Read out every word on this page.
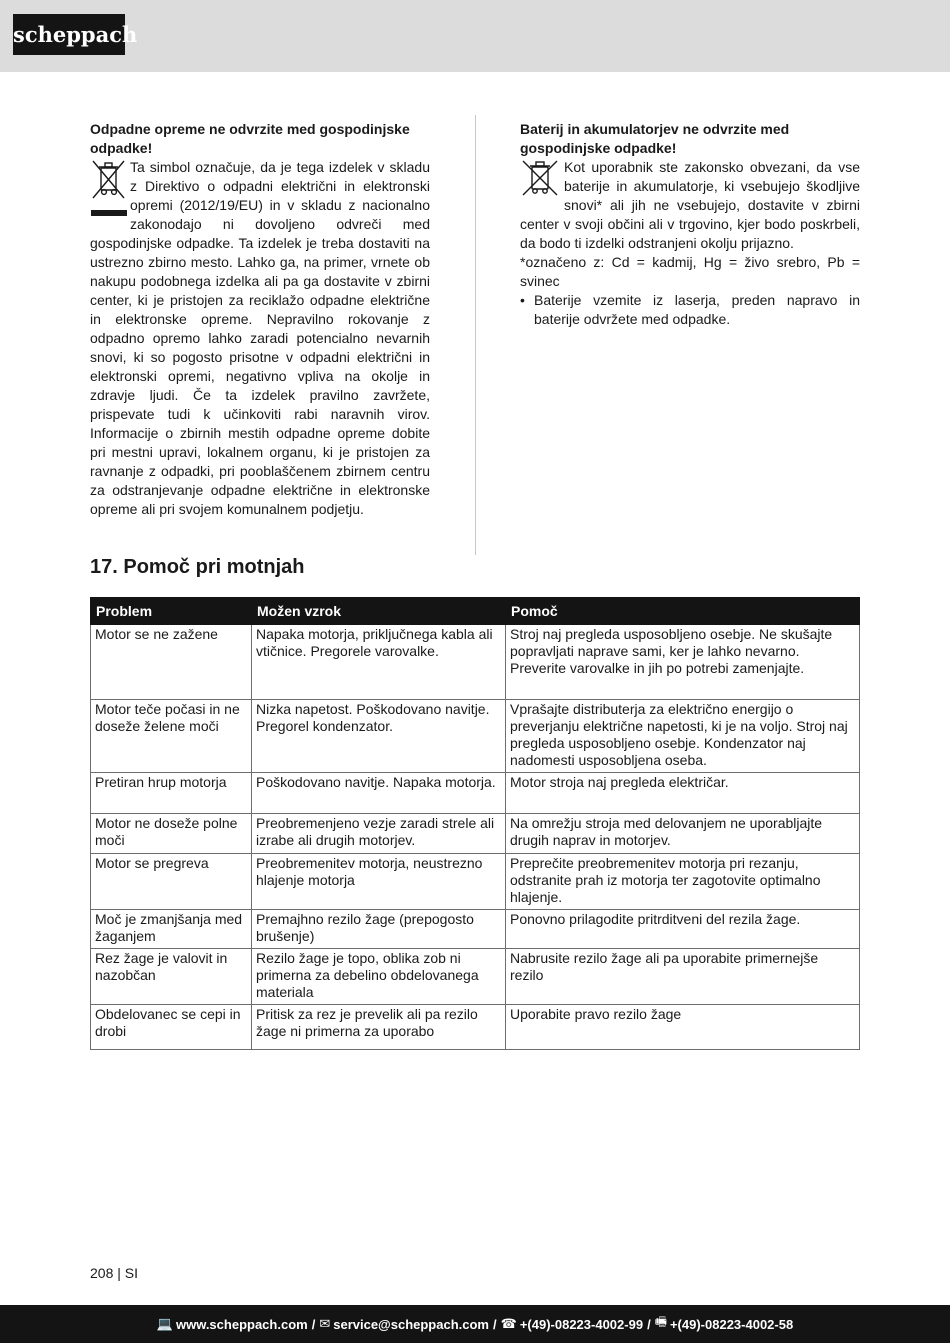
scheppach

Odpadne opreme ne odvrzite med gospodinjske odpadke!

Ta simbol označuje, da je tega izdelek v skladu z Direktivo o odpadni električni in elektronski opremi (2012/19/EU) in v skladu z nacionalno zakonodajo ni dovoljeno odvreči med gospodinjske odpadke. Ta izdelek je treba dostaviti na ustrezno zbirno mesto. Lahko ga, na primer, vrnete ob nakupu podobnega izdelka ali pa ga dostavite v zbirni center, ki je pristojen za reciklažo odpadne električne in elektronske opreme. Nepravilno rokovanje z odpadno opremo lahko zaradi potencialno nevarnih snovi, ki so pogosto prisotne v odpadni električni in elektronski opremi, negativno vpliva na okolje in zdravje ljudi. Če ta izdelek pravilno zavržete, prispevate tudi k učinkoviti rabi naravnih virov. Informacije o zbirnih mestih odpadne opreme dobite pri mestni upravi, lokalnem organu, ki je pristojen za ravnanje z odpadki, pri pooblaščenem zbirnem centru za odstranjevanje odpadne električne in elektronske opreme ali pri svojem komunalnem podjetju.

Baterij in akumulatorjev ne odvrzite med gospodinjske odpadke!

Kot uporabnik ste zakonsko obvezani, da vse baterije in akumulatorje, ki vsebujejo škodljive snovi* ali jih ne vsebujejo, dostavite v zbirni center v svoji občini ali v trgovino, kjer bodo poskrbeli, da bodo ti izdelki odstranjeni okolju prijazno.

*označeno z: Cd = kadmij, Hg = živo srebro, Pb = svinec

• Baterije vzemite iz laserja, preden napravo in baterije odvržete med odpadke.

17. Pomoč pri motnjah
Problem	Možen vzrok	Pomoč
Motor se ne zažene	Napaka motorja, priključnega kabla ali vtičnice. Pregorele varovalke.	Stroj naj pregleda usposobljeno osebje. Ne skušajte popravljati naprave sami, ker je lahko nevarno. Preverite varovalke in jih po potrebi zamenjajte.
Motor teče počasi in ne doseže želene moči	Nizka napetost. Poškodovano navitje. Pregorel kondenzator.	Vprašajte distributerja za električno energijo o preverjanju električne napetosti, ki je na voljo. Stroj naj pregleda usposobljeno osebje. Kondenzator naj nadomesti usposobljena oseba.
Pretiran hrup motorja	Poškodovano navitje. Napaka motorja.	Motor stroja naj pregleda električar.
Motor ne doseže polne moči	Preobremenjeno vezje zaradi strele ali izrabe ali drugih motorjev.	Na omrežju stroja med delovanjem ne uporabljajte drugih naprav in motorjev.
Motor se pregreva	Preobremenitev motorja, neustrezno hlajenje motorja	Preprečite preobremenitev motorja pri rezanju, odstranite prah iz motorja ter zagotovite optimalno hlajenje.
Moč je zmanjšanja med žaganjem	Premajhno rezilo žage (prepogosto brušenje)	Ponovno prilagodite pritrditveni del rezila žage.
Rez žage je valovit in nazobčan	Rezilo žage je topo, oblika zob ni primerna za debelino obdelovanega materiala	Nabrusite rezilo žage ali pa uporabite primernejše rezilo
Obdelovanec se cepi in drobi	Pritisk za rez je prevelik ali pa rezilo žage ni primerna za uporabo	Uporabite pravo rezilo žage
208 | SI
💻 www.scheppach.com / ✉ service@scheppach.com / ☎ +(49)-08223-4002-99 / 🖷 +(49)-08223-4002-58
